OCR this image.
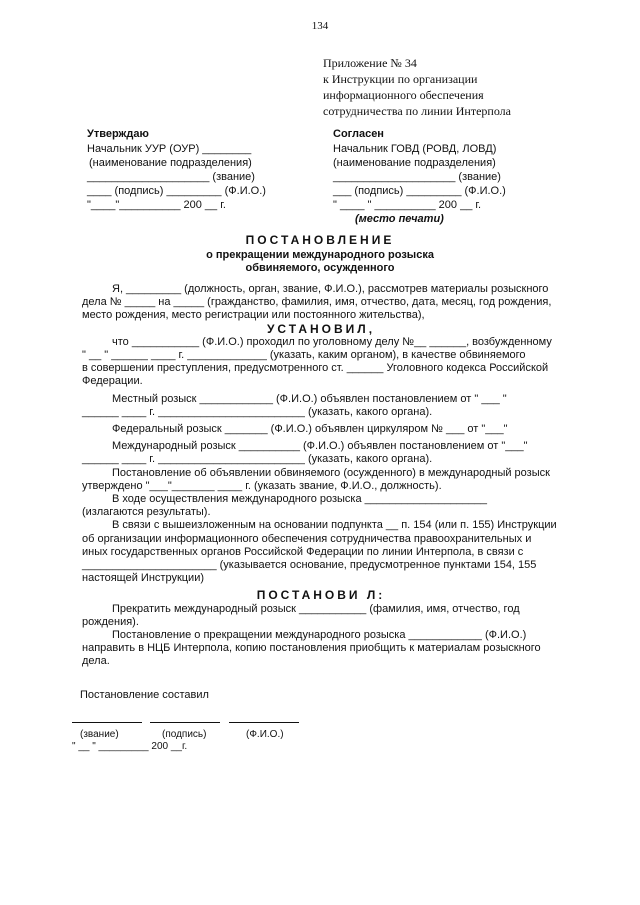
134
Приложение № 34
к Инструкции по организации
информационного обеспечения
сотрудничества по линии Интерпола
Утверждаю
Начальник УУР (ОУР) ________
(наименование подразделения)
____________________ (звание)
____ (подпись) _________ (Ф.И.О.)
"____"__________ 200 __ г.
Согласен
Начальник ГОВД (РОВД, ЛОВД)
(наименование подразделения)
____________________ (звание)
___ (подпись) _________ (Ф.И.О.)
" ____ " __________ 200 __ г.
(место печати)
ПОСТАНОВЛЕНИЕ
о прекращении международного розыска
обвиняемого, осужденного
Я, _________ (должность, орган, звание, Ф.И.О.), рассмотрев материалы розыскного
дела № _____ на _____ (гражданство, фамилия, имя, отчество, дата, месяц, год рождения,
место рождения, место регистрации или постоянного жительства),
УСТАНОВИЛ,
что ___________ (Ф.И.О.) проходил по уголовному делу №__ ______, возбужденному
" __ " ______ ____ г. _____________ (указать, каким органом), в качестве обвиняемого
в совершении преступления, предусмотренного ст. ______ Уголовного кодекса Российской
Федерации.
Местный розыск ____________ (Ф.И.О.) объявлен постановлением от " ___ "
______ ____ г. ________________________ (указать, какого органа).
Федеральный розыск _______ (Ф.И.О.) объявлен циркуляром № ___ от "___"
Международный розыск __________ (Ф.И.О.) объявлен постановлением от "___"
______ ____ г. ________________________ (указать, какого органа).
Постановление об объявлении обвиняемого (осужденного) в международный розыск
утверждено "___"_______ ____ г. (указать звание, Ф.И.О., должность).
В ходе осуществления международного розыска ____________________
(излагаются результаты).
В связи с вышеизложенным на основании подпункта __ п. 154 (или п. 155) Инструкции
об организации информационного обеспечения сотрудничества правоохранительных и
иных государственных органов Российской Федерации по линии Интерпола, в связи с
______________________ (указывается основание, предусмотренное пунктами 154, 155
настоящей Инструкции)
ПОСТАНОВИ Л:
Прекратить международный розыск ___________ (фамилия, имя, отчество, год
рождения).
Постановление о прекращении международного розыска ____________ (Ф.И.О.)
направить в НЦБ Интерпола, копию постановления приобщить к материалам розыскного
дела.
Постановление составил

(звание)	(подпись)	(Ф.И.О.)
" __ " _________ 200 __г.
